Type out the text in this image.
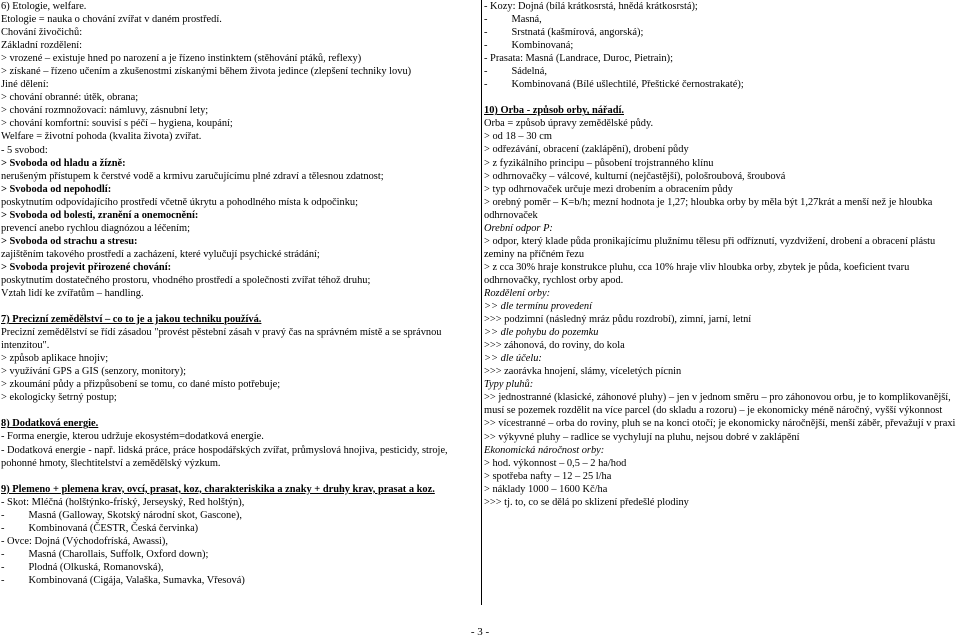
6) Etologie, welfare.
Etologie = nauka o chování zvířat v daném prostředí.
Chování živočichů:
Základní rozdělení:
> vrozené – existuje hned po narození a je řízeno instinktem (stěhování ptáků, reflexy)
> získané – řízeno učením a zkušenostmi získanými během života jedince (zlepšení techniky lovu)
Jiné dělení:
> chování obranné: útěk, obrana;
> chování rozmnožovací: námluvy, zásnubní lety;
> chování komfortní: souvisí s péčí – hygiena, koupání;
Welfare = životní pohoda (kvalita života) zvířat.
- 5 svobod:
> Svoboda od hladu a žízně:
nerušeným přístupem k čerstvé vodě a krmivu zaručujícímu plné zdraví a tělesnou zdatnost;
> Svoboda od nepohodlí:
poskytnutím odpovídajícího prostředí včetně úkrytu a pohodlného místa k odpočinku;
> Svoboda od bolesti, zranění a onemocnění:
prevencí anebo rychlou diagnózou a léčením;
> Svoboda od strachu a stresu:
zajištěním takového prostředí a zacházení, které vylučují psychické strádání;
> Svoboda projevit přirozené chování:
poskytnutím dostatečného prostoru, vhodného prostředí a společnosti zvířat téhož druhu;
Vztah lidí ke zvířatům – handling.
7) Precizní zemědělství – co to je a jakou techniku používá.
Precizní zemědělství se řídí zásadou "provést pěstební zásah v pravý čas na správném místě a se správnou intenzitou".
> způsob aplikace hnojiv;
> využívání GPS a GIS (senzory, monitory);
> zkoumání půdy a přizpůsobení se tomu, co dané místo potřebuje;
> ekologicky šetrný postup;
8) Dodatková energie.
- Forma energie, kterou udržuje ekosystém=dodatková energie.
- Dodatková energie - např. lidská práce, práce hospodářských zvířat, průmyslová hnojiva, pesticidy, stroje, pohonné hmoty, šlechtitelství a zemědělský výzkum.
9) Plemeno + plemena krav, ovcí, prasat, koz, charakteriskika a znaky + druhy krav, prasat a koz.
- Skot: Mléčná (holštýnko-fríský, Jerseyský, Red holštýn),
- Masná (Galloway, Skotský národní skot, Gascone),
- Kombinovaná (ČESTR, Česká červinka)
- Ovce: Dojná (Východofríská, Awassi),
- Masná (Charollais, Suffolk, Oxford down);
- Plodná (Olkuská, Romanovská),
- Kombinovaná (Cigája, Valaška, Sumavka, Vřesová)
- Kozy: Dojná (bílá krátkosrstá, hnědá krátkosrstá);
- Masná,
- Srstnatá (kašmírová, angorská);
- Kombinovaná;
- Prasata: Masná (Landrace, Duroc, Pietrain);
- Sádelná,
- Kombinovaná (Bílé ušlechtilé, Přeštické černostrakaté);
10) Orba - způsob orby, nářadí.
Orba = způsob úpravy zemědělské půdy.
> od 18 – 30 cm
> odřezávání, obracení (zaklápění), drobení půdy
> z fyzikálního principu – působení trojstranného klínu
> odhrnovačky – válcové, kulturní (nejčastější), pološroubová, šroubová
> typ odhrnovaček určuje mezi drobením a obracením půdy
> orebný poměr – K=b/h; mezní hodnota je 1,27; hloubka orby by měla být 1,27krát a menší než je hloubka odhrnovaček
Orební odpor P:
> odpor, který klade půda pronikajícímu plužnímu tělesu při odříznutí, vyzdvižení, drobení a obracení plástu zeminy na příčném řezu
> z cca 30% hraje konstrukce pluhu, cca 10% hraje vliv hloubka orby, zbytek je půda, koeficient tvaru odhrnovačky, rychlost orby apod.
Rozdělení orby:
>> dle termínu provedení
>>> podzimní (následný mráz půdu rozdrobí), zimní, jarní, letní
>> dle pohybu do pozemku
>>> záhonová, do roviny, do kola
>> dle účelu:
>>> zaorávka hnojení, slámy, víceletých pícnin
Typy pluhů:
>> jednostranné (klasické, záhonové pluhy) – jen v jednom směru – pro záhonovou orbu, je to komplikovanější, musí se pozemek rozdělit na více parcel (do skladu a rozoru) – je ekonomicky méně náročný, vyšší výkonnost
>> vícestranné – orba do roviny, pluh se na konci otočí; je ekonomicky náročnější, menší záběr, převažují v praxi
>> výkyvné pluhy – radlice se vychylují na pluhu, nejsou dobré v zaklápění
Ekonomická náročnost orby:
> hod. výkonnost – 0,5 – 2 ha/hod
> spotřeba nafty – 12 – 25 l/ha
> náklady 1000 – 1600 Kč/ha
>>> tj. to, co se dělá po sklizení předešlé plodiny
- 3 -
